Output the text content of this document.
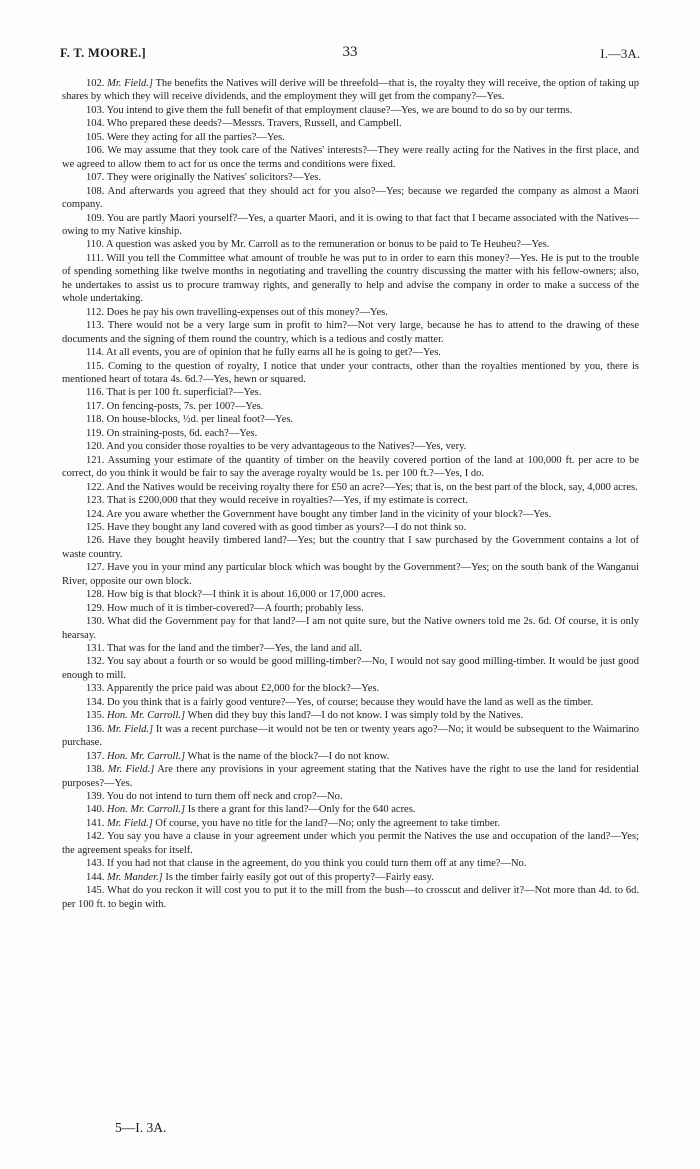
F. T. MOORE.]	33	I.—3A.

102. Mr. Field.] The benefits the Natives will derive will be threefold—that is, the royalty they will receive, the option of taking up shares by which they will receive dividends, and the employment they will get from the company?—Yes.

103. You intend to give them the full benefit of that employment clause?—Yes, we are bound to do so by our terms.

104. Who prepared these deeds?—Messrs. Travers, Russell, and Campbell.

105. Were they acting for all the parties?—Yes.

106. We may assume that they took care of the Natives' interests?—They were really acting for the Natives in the first place, and we agreed to allow them to act for us once the terms and conditions were fixed.

107. They were originally the Natives' solicitors?—Yes.

108. And afterwards you agreed that they should act for you also?—Yes; because we regarded the company as almost a Maori company.

109. You are partly Maori yourself?—Yes, a quarter Maori, and it is owing to that fact that I became associated with the Natives—owing to my Native kinship.

110. A question was asked you by Mr. Carroll as to the remuneration or bonus to be paid to Te Heuheu?—Yes.

111. Will you tell the Committee what amount of trouble he was put to in order to earn this money?—Yes. He is put to the trouble of spending something like twelve months in negotiating and travelling the country discussing the matter with his fellow-owners; also, he undertakes to assist us to procure tramway rights, and generally to help and advise the company in order to make a success of the whole undertaking.

112. Does he pay his own travelling-expenses out of this money?—Yes.

113. There would not be a very large sum in profit to him?—Not very large, because he has to attend to the drawing of these documents and the signing of them round the country, which is a tedious and costly matter.

114. At all events, you are of opinion that he fully earns all he is going to get?—Yes.

115. Coming to the question of royalty, I notice that under your contracts, other than the royalties mentioned by you, there is mentioned heart of totara 4s. 6d.?—Yes, hewn or squared.

116. That is per 100 ft. superficial?—Yes.

117. On fencing-posts, 7s. per 100?—Yes.

118. On house-blocks, ½d. per lineal foot?—Yes.

119. On straining-posts, 6d. each?—Yes.

120. And you consider those royalties to be very advantageous to the Natives?—Yes, very.

121. Assuming your estimate of the quantity of timber on the heavily covered portion of the land at 100,000 ft. per acre to be correct, do you think it would be fair to say the average royalty would be 1s. per 100 ft.?—Yes, I do.

122. And the Natives would be receiving royalty there for £50 an acre?—Yes; that is, on the best part of the block, say, 4,000 acres.

123. That is £200,000 that they would receive in royalties?—Yes, if my estimate is correct.

124. Are you aware whether the Government have bought any timber land in the vicinity of your block?—Yes.

125. Have they bought any land covered with as good timber as yours?—I do not think so.

126. Have they bought heavily timbered land?—Yes; but the country that I saw purchased by the Government contains a lot of waste country.

127. Have you in your mind any particular block which was bought by the Government?—Yes; on the south bank of the Wanganui River, opposite our own block.

128. How big is that block?—I think it is about 16,000 or 17,000 acres.

129. How much of it is timber-covered?—A fourth; probably less.

130. What did the Government pay for that land?—I am not quite sure, but the Native owners told me 2s. 6d. Of course, it is only hearsay.

131. That was for the land and the timber?—Yes, the land and all.

132. You say about a fourth or so would be good milling-timber?—No, I would not say good milling-timber. It would be just good enough to mill.

133. Apparently the price paid was about £2,000 for the block?—Yes.

134. Do you think that is a fairly good venture?—Yes, of course; because they would have the land as well as the timber.

135. Hon. Mr. Carroll.] When did they buy this land?—I do not know. I was simply told by the Natives.

136. Mr. Field.] It was a recent purchase—it would not be ten or twenty years ago?—No; it would be subsequent to the Waimarino purchase.

137. Hon. Mr. Carroll.] What is the name of the block?—I do not know.

138. Mr. Field.] Are there any provisions in your agreement stating that the Natives have the right to use the land for residential purposes?—Yes.

139. You do not intend to turn them off neck and crop?—No.

140. Hon. Mr. Carroll.] Is there a grant for this land?—Only for the 640 acres.

141. Mr. Field.] Of course, you have no title for the land?—No; only the agreement to take timber.

142. You say you have a clause in your agreement under which you permit the Natives the use and occupation of the land?—Yes; the agreement speaks for itself.

143. If you had not that clause in the agreement, do you think you could turn them off at any time?—No.

144. Mr. Mander.] Is the timber fairly easily got out of this property?—Fairly easy.

145. What do you reckon it will cost you to put it to the mill from the bush—to crosscut and deliver it?—Not more than 4d. to 6d. per 100 ft. to begin with.

5—I. 3A.
